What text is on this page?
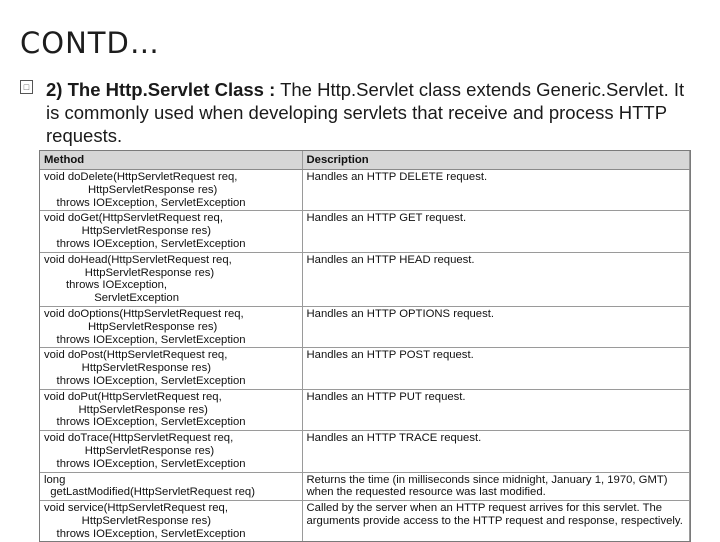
CONTD…
□ 2) The Http.Servlet Class : The Http.Servlet class extends Generic.Servlet. It is commonly used when developing servlets that receive and process HTTP requests.
Method	Description
void doDelete(HttpServletRequest req,
HttpServletResponse res)
throws IOException, ServletException	Handles an HTTP DELETE request.
void doGet(HttpServletRequest req,
HttpServletResponse res)
throws IOException, ServletException	Handles an HTTP GET request.
void doHead(HttpServletRequest req,
HttpServletResponse res)
throws IOException,
ServletException	Handles an HTTP HEAD request.
void doOptions(HttpServletRequest req,
HttpServletResponse res)
throws IOException, ServletException	Handles an HTTP OPTIONS request.
void doPost(HttpServletRequest req,
HttpServletResponse res)
throws IOException, ServletException	Handles an HTTP POST request.
void doPut(HttpServletRequest req,
HttpServletResponse res)
throws IOException, ServletException	Handles an HTTP PUT request.
void doTrace(HttpServletRequest req,
HttpServletResponse res)
throws IOException, ServletException	Handles an HTTP TRACE request.
long
getLastModified(HttpServletRequest req)	Returns the time (in milliseconds since midnight, January 1, 1970, GMT) when the requested resource was last modified.
void service(HttpServletRequest req,
HttpServletResponse res)
throws IOException, ServletException	Called by the server when an HTTP request arrives for this servlet. The arguments provide access to the HTTP request and response, respectively.
